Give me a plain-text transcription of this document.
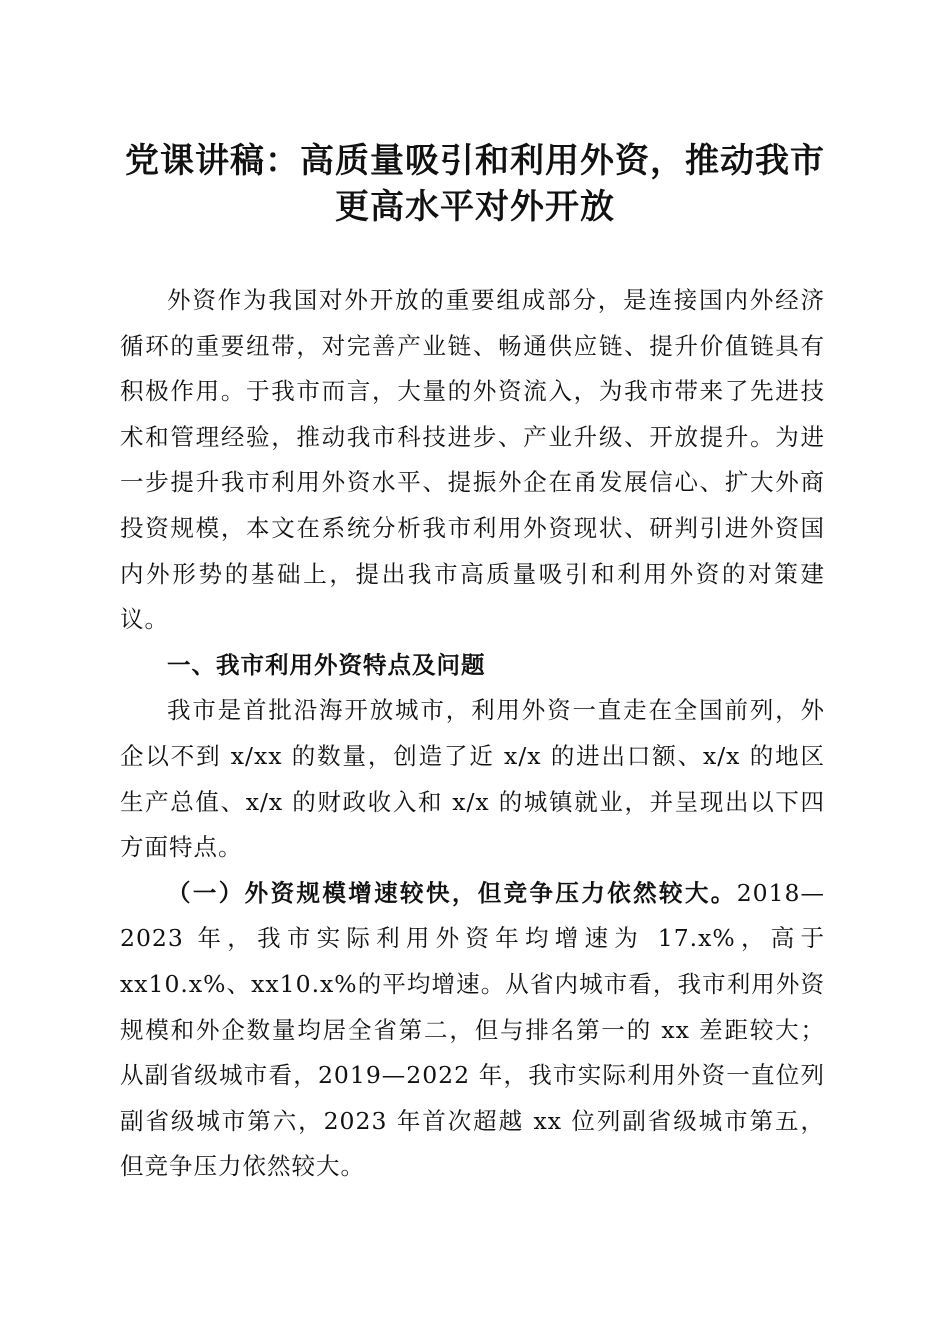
党课讲稿：高质量吸引和利用外资，推动我市
更高水平对外开放

外资作为我国对外开放的重要组成部分，是连接国内外经济循环的重要纽带，对完善产业链、畅通供应链、提升价值链具有积极作用。于我市而言，大量的外资流入，为我市带来了先进技术和管理经验，推动我市科技进步、产业升级、开放提升。为进一步提升我市利用外资水平、提振外企在甬发展信心、扩大外商投资规模，本文在系统分析我市利用外资现状、研判引进外资国内外形势的基础上，提出我市高质量吸引和利用外资的对策建议。

一、我市利用外资特点及问题

我市是首批沿海开放城市，利用外资一直走在全国前列，外企以不到 x/xx 的数量，创造了近 x/x 的进出口额、x/x 的地区生产总值、x/x 的财政收入和 x/x 的城镇就业，并呈现出以下四方面特点。

（一）外资规模增速较快，但竞争压力依然较大。2018—2023 年，我市实际利用外资年均增速为 17.x%，高于 xx10.x%、xx10.x%的平均增速。从省内城市看，我市利用外资规模和外企数量均居全省第二，但与排名第一的 xx 差距较大；从副省级城市看，2019—2022 年，我市实际利用外资一直位列副省级城市第六，2023 年首次超越 xx 位列副省级城市第五，但竞争压力依然较大。
